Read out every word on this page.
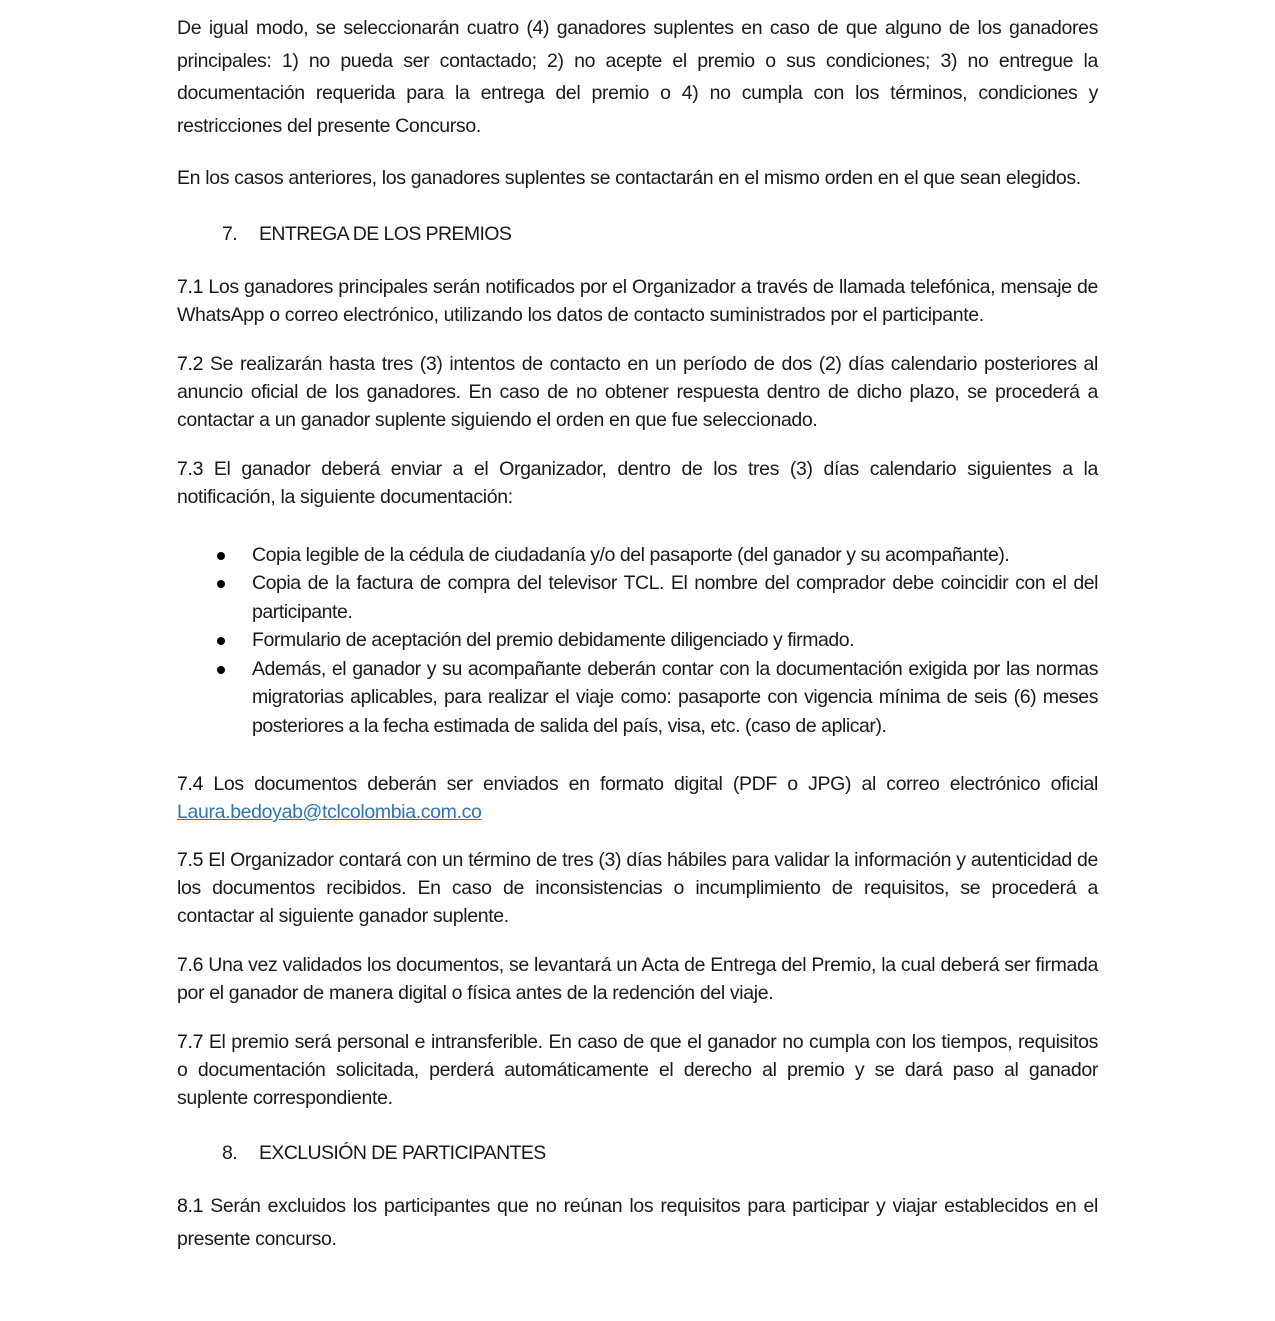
De igual modo, se seleccionarán cuatro (4) ganadores suplentes en caso de que alguno de los ganadores principales: 1) no pueda ser contactado; 2) no acepte el premio o sus condiciones; 3) no entregue la documentación requerida para la entrega del premio o 4) no cumpla con los términos, condiciones y restricciones del presente Concurso.

En los casos anteriores, los ganadores suplentes se contactarán en el mismo orden en el que sean elegidos.

7. ENTREGA DE LOS PREMIOS

7.1 Los ganadores principales serán notificados por el Organizador a través de llamada telefónica, mensaje de WhatsApp o correo electrónico, utilizando los datos de contacto suministrados por el participante.

7.2 Se realizarán hasta tres (3) intentos de contacto en un período de dos (2) días calendario posteriores al anuncio oficial de los ganadores. En caso de no obtener respuesta dentro de dicho plazo, se procederá a contactar a un ganador suplente siguiendo el orden en que fue seleccionado.

7.3 El ganador deberá enviar a el Organizador, dentro de los tres (3) días calendario siguientes a la notificación, la siguiente documentación:

Copia legible de la cédula de ciudadanía y/o del pasaporte (del ganador y su acompañante).
Copia de la factura de compra del televisor TCL. El nombre del comprador debe coincidir con el del participante.
Formulario de aceptación del premio debidamente diligenciado y firmado.
Además, el ganador y su acompañante deberán contar con la documentación exigida por las normas migratorias aplicables, para realizar el viaje como: pasaporte con vigencia mínima de seis (6) meses posteriores a la fecha estimada de salida del país, visa, etc. (caso de aplicar).

7.4 Los documentos deberán ser enviados en formato digital (PDF o JPG) al correo electrónico oficial Laura.bedoyab@tclcolombia.com.co

7.5 El Organizador contará con un término de tres (3) días hábiles para validar la información y autenticidad de los documentos recibidos. En caso de inconsistencias o incumplimiento de requisitos, se procederá a contactar al siguiente ganador suplente.

7.6 Una vez validados los documentos, se levantará un Acta de Entrega del Premio, la cual deberá ser firmada por el ganador de manera digital o física antes de la redención del viaje.

7.7 El premio será personal e intransferible. En caso de que el ganador no cumpla con los tiempos, requisitos o documentación solicitada, perderá automáticamente el derecho al premio y se dará paso al ganador suplente correspondiente.

8. EXCLUSIÓN DE PARTICIPANTES

8.1 Serán excluidos los participantes que no reúnan los requisitos para participar y viajar establecidos en el presente concurso.
